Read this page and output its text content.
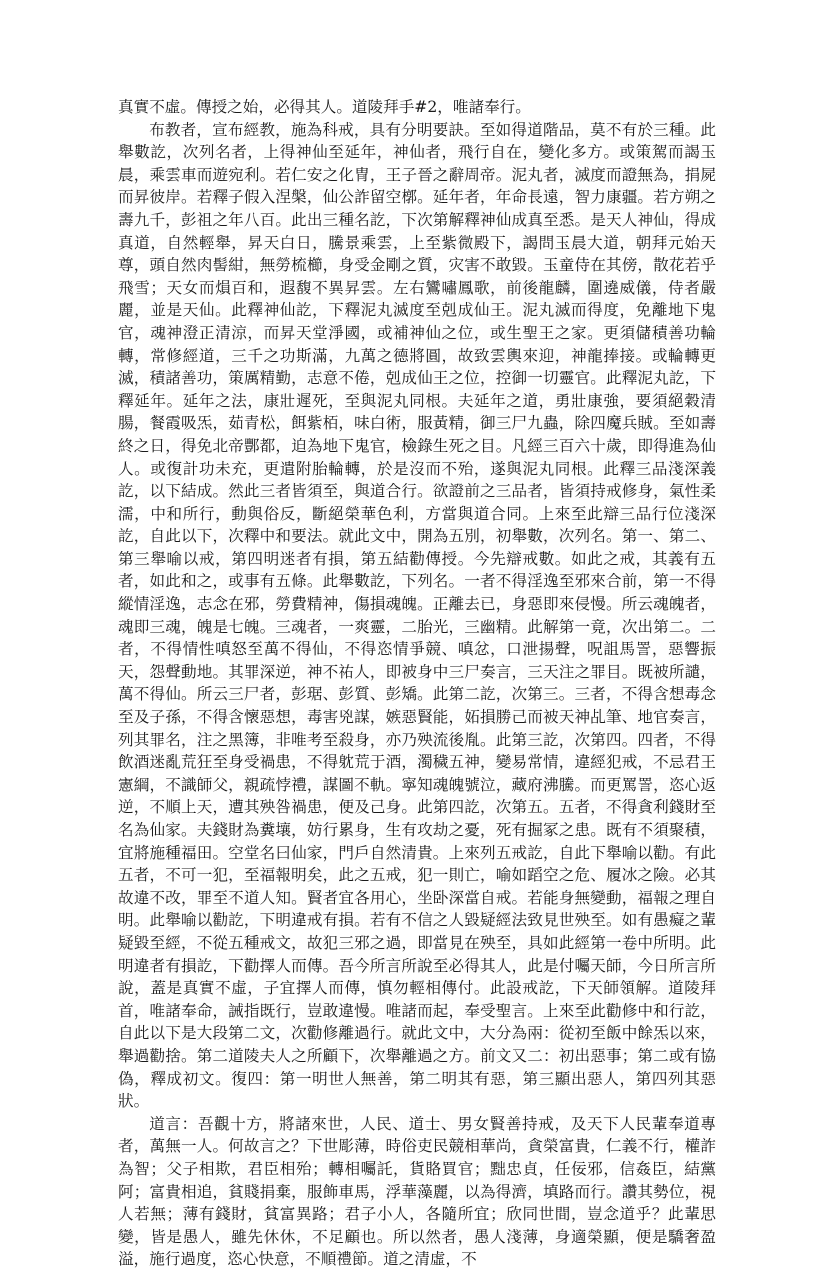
真實不虛。傳授之始，必得其人。道陵拜手#2，唯諸奉行。

布教者，宣布經教，施為科戒，具有分明要訣。至如得道階品，莫不有於三種。此舉數訖，次列名者，上得神仙至延年，神仙者，飛行自在，變化多方。或策駕而謁玉晨，乘雲車而遊宛利。若仁安之化冑，王子晉之辭周帝。泥丸者，滅度而證無為，捐屍而昇彼岸。若釋子假入涅槃，仙公詐留空槨。延年者，年命長遠，智力康疆。若方朔之壽九千，彭祖之年八百。此出三種名訖，下次第解釋神仙成真至悉。是天人神仙，得成真道，自然輕舉，昇天白日，騰景乘雲，上至紫微殿下，謁問玉晨大道，朝拜元始天尊，頭自然肉髻紺，無勞梳櫛，身受金剛之質，灾害不敢毀。玉童侍在其傍，散花若乎飛雪；天女而熉百和，遐馥不異昇雲。左右鸞嘯鳳歌，前後龍麟，圍遶威儀，侍者嚴麗，並是天仙。此釋神仙訖，下釋泥丸滅度至剋成仙王。泥丸滅而得度，免離地下鬼官，魂神澄正清涼，而昇天堂淨國，或補神仙之位，或生聖王之家。更須儲積善功輪轉，常修經道，三千之功斯滿，九萬之德將圓，故致雲輿來迎，神龍捧接。或輪轉更滅，積諸善功，策厲精勤，志意不倦，剋成仙王之位，控御一切靈官。此釋泥丸訖，下釋延年。延年之法，康壯遲死，至與泥丸同根。夫延年之道，勇壯康強，要須絕穀清腸，餐霞吸炁，茹青松，餌紫栢，味白術，服黃精，御三尸九蟲，除四魔兵賊。至如壽終之日，得免北帝酆都，迫為地下鬼官，檢錄生死之目。凡經三百六十歲，即得進為仙人。或復計功未充，更遣附胎輪轉，於是沒而不殆，遂與泥丸同根。此釋三品淺深義訖，以下結成。然此三者皆須至，與道合行。欲證前之三品者，皆須持戒修身，氣性柔濡，中和所行，動與俗反，斷絕榮華色利，方當與道合同。上來至此辯三品行位淺深訖，自此以下，次釋中和要法。就此文中，開為五別，初舉數，次列名。第一、第二、第三舉喻以戒，第四明迷者有損，第五結勸傳授。今先辯戒數。如此之戒，其義有五者，如此和之，或事有五條。此舉數訖，下列名。一者不得淫逸至邪來合前，第一不得縱情淫逸，志念在邪，勞費精神，傷損魂魄。正離去已，身惡即來侵慢。所云魂魄者，魂即三魂，魄是七魄。三魂者，一爽靈，二胎光，三幽精。此解第一竟，次出第二。二者，不得情性嗔怒至萬不得仙，不得恣情爭競、嗔忿，口泄揚聲，呪詛馬詈，惡響振天，怨聲動地。其罪深逆，神不祐人，即被身中三尸奏言，三天注之罪目。既被所譴，萬不得仙。所云三尸者，彭琚、彭質、彭矯。此第二訖，次第三。三者，不得含想毒念至及子孫，不得含懷惡想，毒害兇謀，嫉惡賢能，妬損勝己而被天神乩筆、地官奏言，列其罪名，注之黑簿，非唯考至殺身，亦乃殃流後胤。此第三訖，次第四。四者，不得飲酒迷亂荒狂至身受禍患，不得躭荒于酒，濁穢五神，變易常情，違經犯戒，不忌君王憲綱，不識師父，親疏悖禮，謀圖不軌。寧知魂魄號泣，藏府沸騰。而更罵詈，恣心返逆，不順上天，遭其殃咎禍患，便及己身。此第四訖，次第五。五者，不得貪利錢財至名為仙家。夫錢財為糞壤，妨行累身，生有攻劫之憂，死有掘冢之患。既有不須聚積，宜將施種福田。空堂名曰仙家，門戶自然清貴。上來列五戒訖，自此下舉喻以勸。有此五者，不可一犯，至福報明矣，此之五戒，犯一則亡，喻如蹈空之危、履冰之險。必其故違不改，罪至不道人知。賢者宜各用心，坐卧深當自戒。若能身無變動，福報之理自明。此舉喻以勸訖，下明違戒有損。若有不信之人毀疑經法致見世殃至。如有愚癡之輩疑毀至經，不從五種戒文，故犯三邪之過，即當見在殃至，具如此經第一卷中所明。此明違者有損訖，下勸擇人而傳。吾今所言所說至必得其人，此是付囑天師，今日所言所說，蓋是真實不虛，子宜擇人而傳，慎勿輕相傳付。此設戒訖，下天師領解。道陵拜首，唯諸奉命，誡指既行，豈敢違慢。唯諸而起，奉受聖言。上來至此勸修中和行訖，自此以下是大段第二文，次勸修離過行。就此文中，大分為兩：從初至飯中餘炁以來，舉過勸捨。第二道陵夫人之所顧下，次舉離過之方。前文又二：初出惡事；第二或有協偽，釋成初文。復四：第一明世人無善，第二明其有惡，第三顯出惡人，第四列其惡狀。

道言：吾觀十方，將諸來世，人民、道士、男女賢善持戒，及天下人民輩奉道專者，萬無一人。何故言之？下世彫薄，時俗吏民競相華尚，貪榮富貴，仁義不行，權詐為智；父子相欺，君臣相殆；轉相囑託，貨賂買官；黜忠貞，任佞邪，信姦臣，結黨阿；富貴相追，貧賤捐棄，服飾車馬，浮華藻麗，以為得濟，填路而行。讚其勢位，視人若無；薄有錢財，貧富異路；君子小人，各隨所宜；欣同世間，豈念道乎？此輩思變，皆是愚人，雖先休休，不足顧也。所以然者，愚人淺薄，身適榮顯，便是驕奢盈溢，施行過度，恣心快意，不順禮節。道之清虛，不
